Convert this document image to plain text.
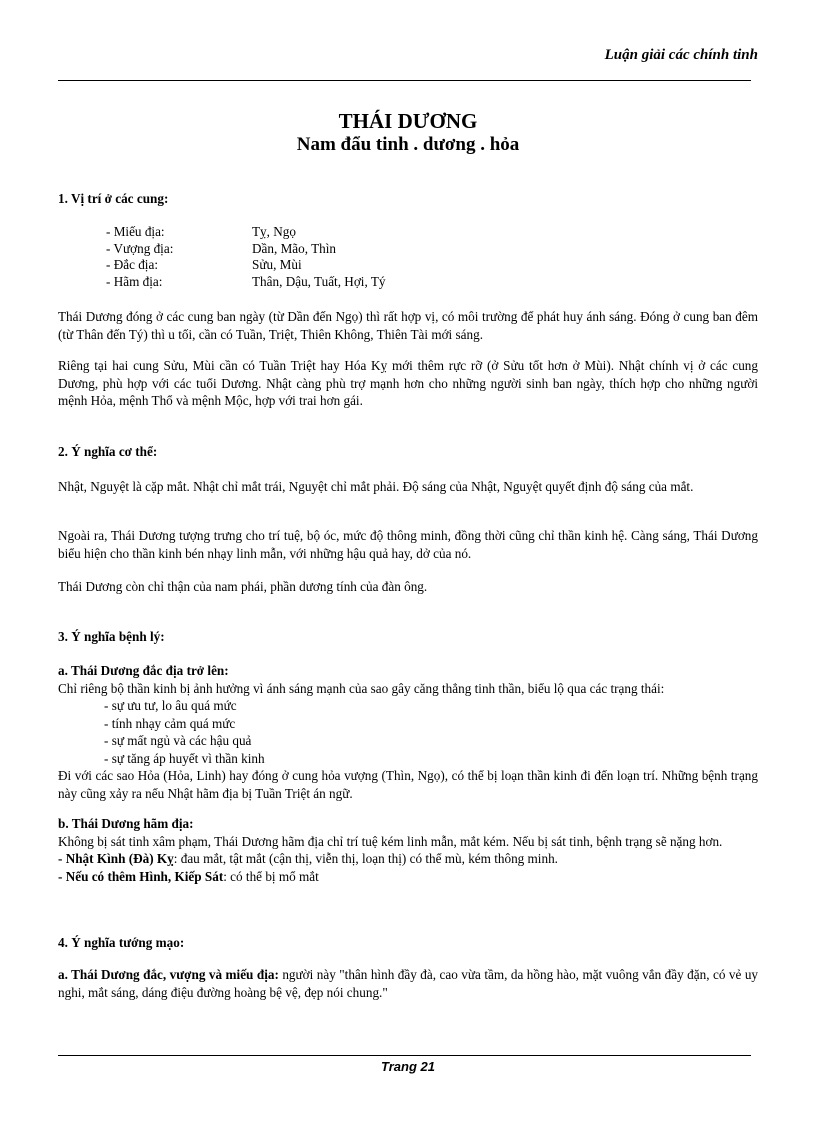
Luận giải các chính tinh
THÁI DƯƠNG
Nam đẩu tinh . dương . hỏa
1. Vị trí ở các cung:
- Miếu địa:	Tỵ, Ngọ
- Vượng địa:	Dần, Mão, Thìn
- Đắc địa:	Sửu, Mùi
- Hãm địa:	Thân, Dậu, Tuất, Hợi, Tý

Thái Dương đóng ở các cung ban ngày (từ Dần đến Ngọ) thì rất hợp vị, có môi trường để phát huy ánh sáng. Đóng ở cung ban đêm (từ Thân đến Tý) thì u tối, cần có Tuần, Triệt, Thiên Không, Thiên Tài mới sáng.

Riêng tại hai cung Sửu, Mùi cần có Tuần Triệt hay Hóa Kỵ mới thêm rực rỡ (ở Sửu tốt hơn ở Mùi). Nhật chính vị ở các cung Dương, phù hợp với các tuổi Dương. Nhật càng phù trợ mạnh hơn cho những người sinh ban ngày, thích hợp cho những người mệnh Hỏa, mệnh Thổ và mệnh Mộc, hợp với trai hơn gái.

2. Ý nghĩa cơ thể:

Nhật, Nguyệt là cặp mắt. Nhật chỉ mắt trái, Nguyệt chỉ mắt phải. Độ sáng của Nhật, Nguyệt quyết định độ sáng của mắt.

Ngoài ra, Thái Dương tượng trưng cho trí tuệ, bộ óc, mức độ thông minh, đồng thời cũng chỉ thần kinh hệ. Càng sáng, Thái Dương biểu hiện cho thần kinh bén nhạy linh mẫn, với những hậu quả hay, dở của nó.

Thái Dương còn chỉ thận của nam phái, phần dương tính của đàn ông.

3. Ý nghĩa bệnh lý:
a. Thái Dương đắc địa trở lên:
Chỉ riêng bộ thần kinh bị ảnh hưởng vì ánh sáng mạnh của sao gây căng thẳng tinh thần, biểu lộ qua các trạng thái:
- sự ưu tư, lo âu quá mức
- tính nhạy cảm quá mức
- sự mất ngủ và các hậu quả
- sự tăng áp huyết vì thần kinh
Đi với các sao Hỏa (Hỏa, Linh) hay đóng ở cung hỏa vượng (Thìn, Ngọ), có thể bị loạn thần kinh đi đến loạn trí. Những bệnh trạng này cũng xảy ra nếu Nhật hãm địa bị Tuần Triệt án ngữ.
b. Thái Dương hãm địa:
Không bị sát tinh xâm phạm, Thái Dương hãm địa chỉ trí tuệ kém linh mẫn, mắt kém. Nếu bị sát tinh, bệnh trạng sẽ nặng hơn.
- Nhật Kình (Đà) Kỵ: đau mắt, tật mắt (cận thị, viễn thị, loạn thị) có thể mù, kém thông minh.
- Nếu có thêm Hình, Kiếp Sát: có thể bị mổ mắt
4. Ý nghĩa tướng mạo:

a. Thái Dương đắc, vượng và miếu địa: người này "thân hình đầy đà, cao vừa tầm, da hồng hào, mặt vuông vắn đầy đặn, có vẻ uy nghi, mắt sáng, dáng điệu đường hoàng bệ vệ, đẹp nói chung."

Trang 21
